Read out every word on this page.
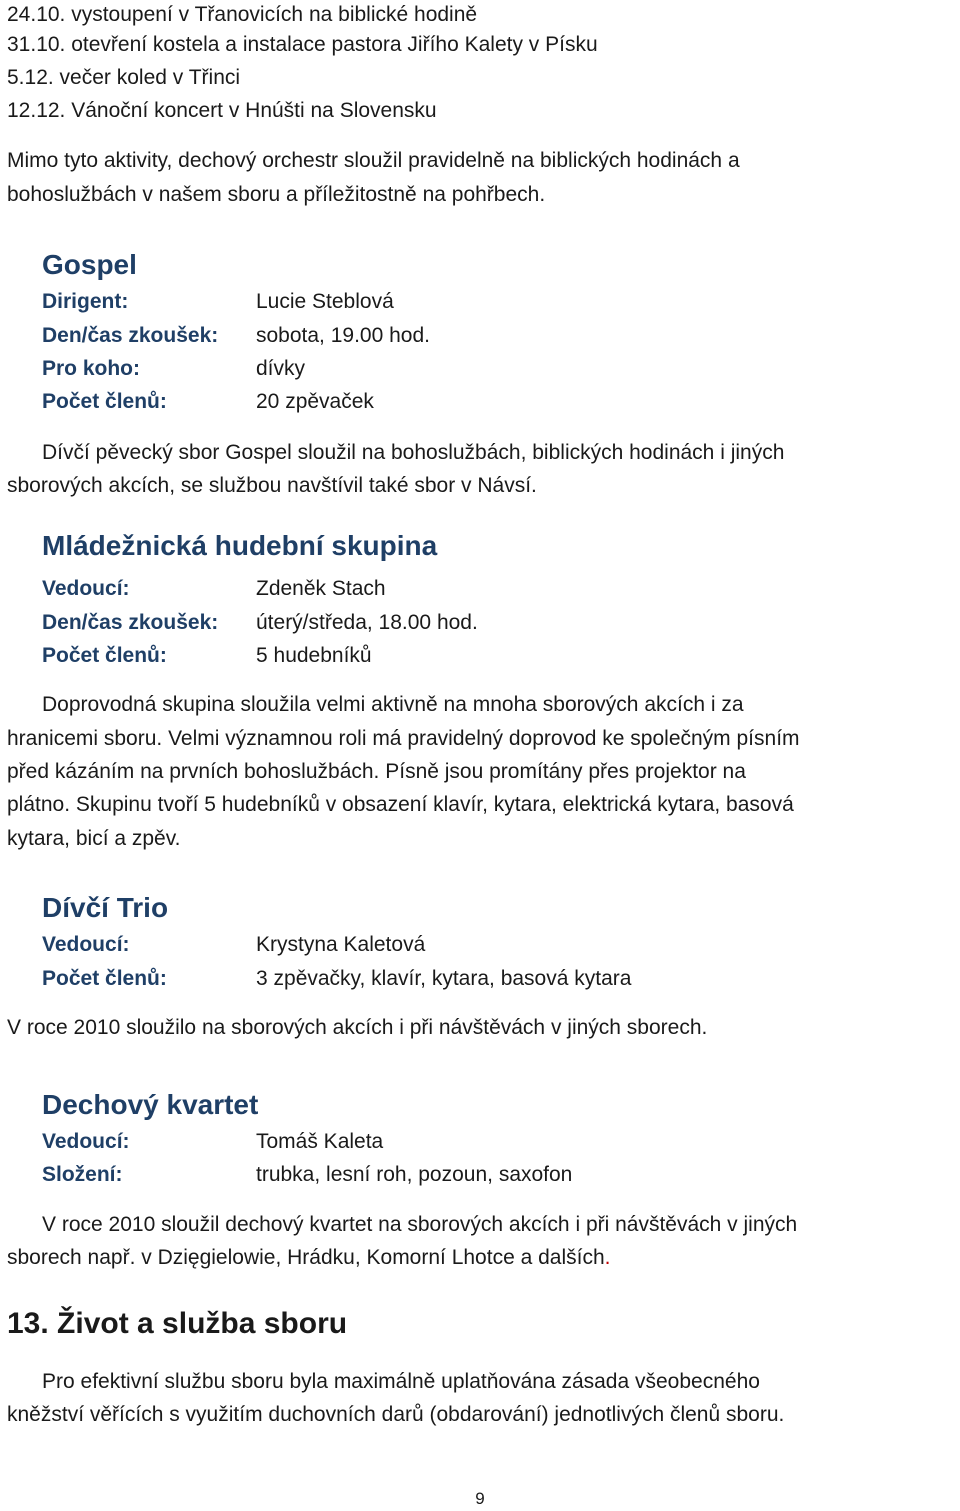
24.10. vystoupení v Třanovicích na biblické hodině
31.10. otevření kostela a instalace pastora Jiřího Kalety v Písku
5.12. večer koled v Třinci
12.12. Vánoční koncert v Hnúšti na Slovensku
Mimo tyto aktivity, dechový orchestr sloužil pravidelně na biblických hodinách a
bohoslužbách v našem sboru a příležitostně na pohřbech.
Gospel
Dirigent:	Lucie Steblová
Den/čas zkoušek: sobota, 19.00 hod.
Pro koho:	dívky
Počet členů:	20 zpěvaček
Dívčí pěvecký sbor Gospel sloužil na bohoslužbách, biblických hodinách i jiných
sborových akcích, se službou navštívil také sbor v Návsí.
Mládežnická hudební skupina
Vedoucí:	Zdeněk Stach
Den/čas zkoušek: úterý/středa, 18.00 hod.
Počet členů:	5 hudebníků
Doprovodná skupina sloužila velmi aktivně na mnoha sborových akcích i za
hranicemi sboru. Velmi významnou roli má pravidelný doprovod ke společným písním
před kázáním na prvních bohoslužbách. Písně jsou promítány přes projektor na
plátno. Skupinu tvoří 5 hudebníků v obsazení klavír, kytara, elektrická kytara, basová
kytara, bicí a zpěv.
Dívčí Trio
Vedoucí:	Krystyna Kaletová
Počet členů:	3 zpěvačky, klavír, kytara, basová kytara
V roce 2010 sloužilo na sborových akcích i při návštěvách v jiných sborech.
Dechový kvartet
Vedoucí:	Tomáš Kaleta
Složení:	trubka, lesní roh, pozoun, saxofon
V roce 2010 sloužil dechový kvartet na sborových akcích i při návštěvách v jiných
sborech např. v Dzięgielowie, Hrádku, Komorní Lhotce a dalších.
13. Život a služba sboru
Pro efektivní službu sboru byla maximálně uplatňována zásada všeobecného
kněžství věřících s využitím duchovních darů (obdarování) jednotlivých členů sboru.
9
